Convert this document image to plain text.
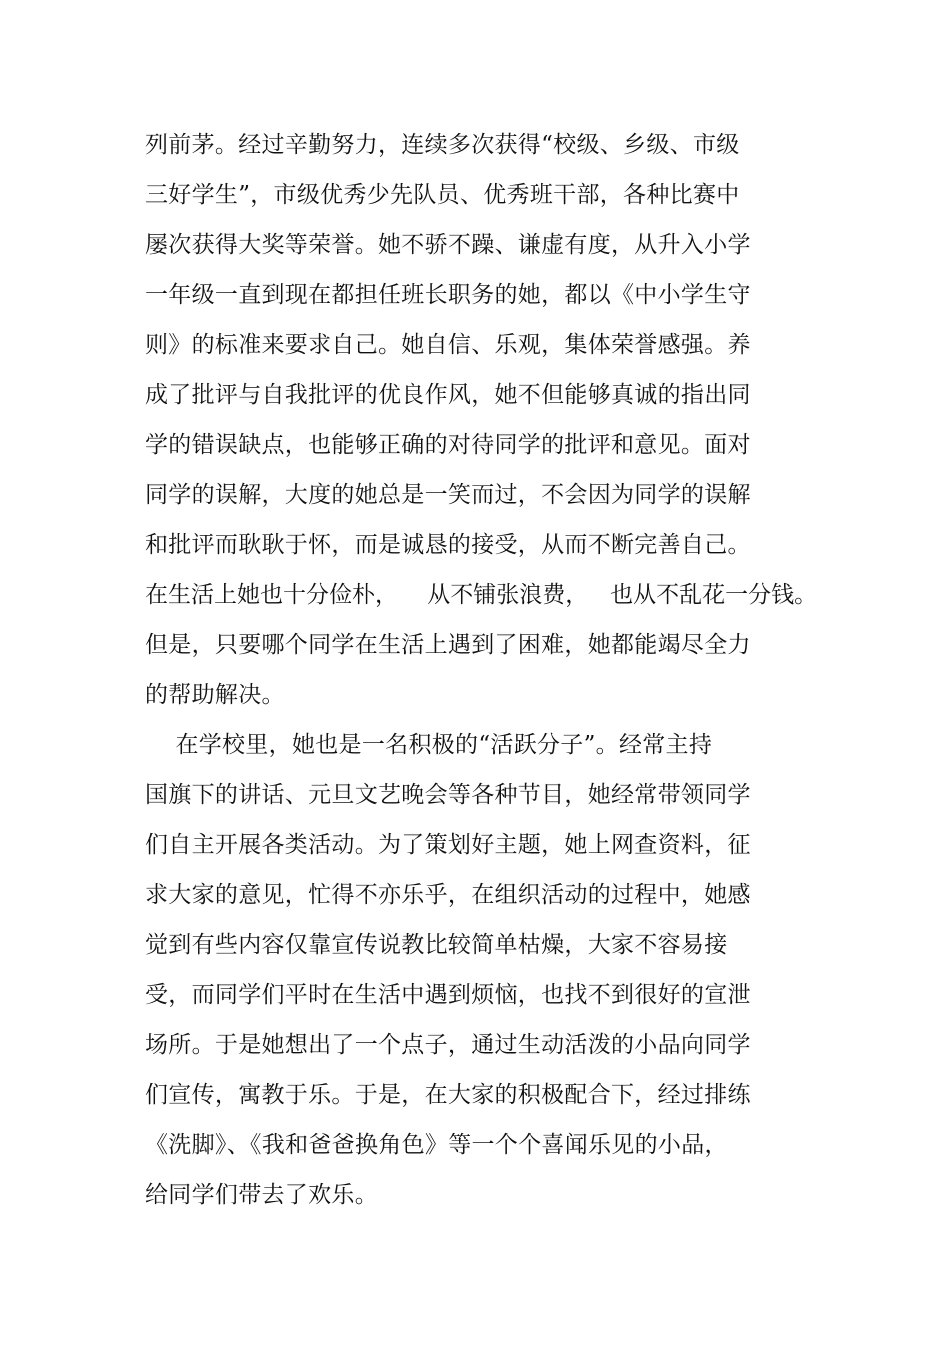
列前茅。经过辛勤努力，连续多次获得“校级、乡级、市级
三好学生”，市级优秀少先队员、优秀班干部，各种比赛中
屡次获得大奖等荣誉。她不骄不躁、谦虚有度，从升入小学
一年级一直到现在都担任班长职务的她，都以《中小学生守
则》的标准来要求自己。她自信、乐观，集体荣誉感强。养
成了批评与自我批评的优良作风，她不但能够真诚的指出同
学的错误缺点，也能够正确的对待同学的批评和意见。面对
同学的误解，大度的她总是一笑而过，不会因为同学的误解
和批评而耿耿于怀，而是诚恳的接受，从而不断完善自己。
在生活上她也十分俭朴，    从不铺张浪费，   也从不乱花一分钱。
但是，只要哪个同学在生活上遇到了困难，她都能竭尽全力
的帮助解决。
在学校里，她也是一名积极的“活跃分子”。经常主持
国旗下的讲话、元旦文艺晚会等各种节目，她经常带领同学
们自主开展各类活动。为了策划好主题，她上网查资料，征
求大家的意见，忙得不亦乐乎，在组织活动的过程中，她感
觉到有些内容仅靠宣传说教比较简单枯燥，大家不容易接
受，而同学们平时在生活中遇到烦恼，也找不到很好的宣泄
场所。于是她想出了一个点子，通过生动活泼的小品向同学
们宣传，寓教于乐。于是，在大家的积极配合下，经过排练
《洗脚》、《我和爸爸换角色》等一个个喜闻乐见的小品，
给同学们带去了欢乐。
